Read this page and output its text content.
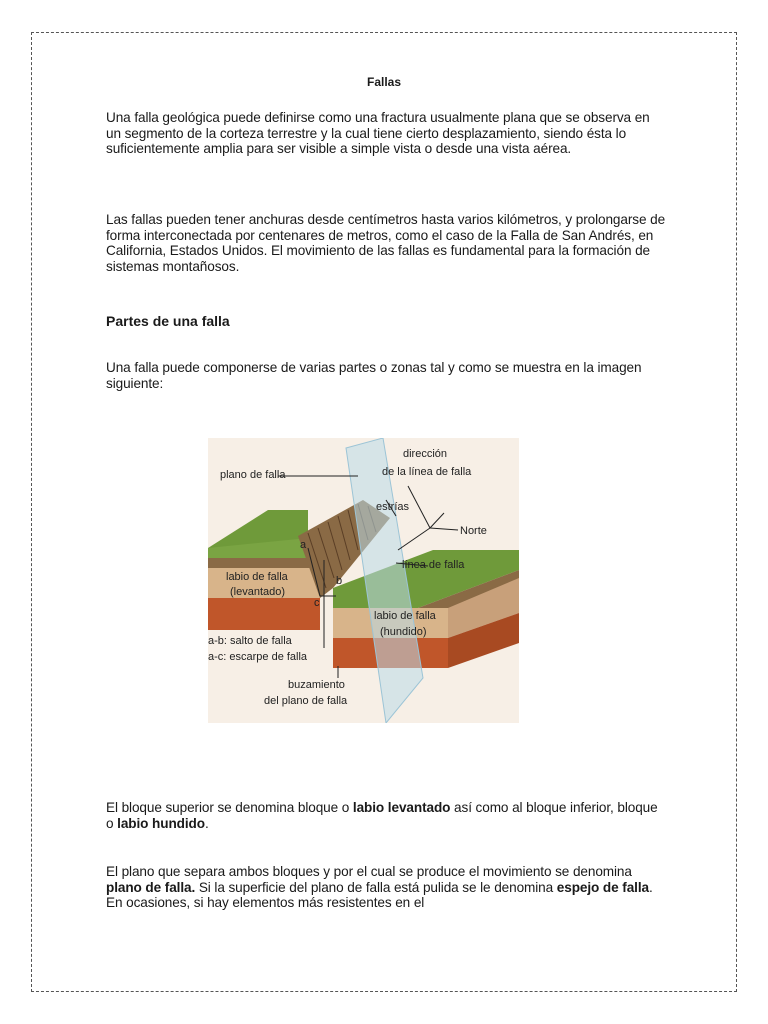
Fallas
Una falla geológica puede definirse como una fractura usualmente plana que se observa en un segmento de la corteza terrestre y la cual tiene cierto desplazamiento, siendo ésta lo suficientemente amplia para ser visible a simple vista o desde una vista aérea.
Las fallas pueden tener anchuras desde centímetros hasta varios kilómetros, y prolongarse de forma interconectada por centenares de metros, como el caso de la Falla de San Andrés, en California, Estados Unidos. El movimiento de las fallas es fundamental para la formación de sistemas montañosos.
Partes de una falla
Una falla puede componerse de varias partes o zonas tal y como se muestra en la imagen siguiente:
plano de falla
dirección
de la línea de falla
estrías
Norte
línea de falla
labio de falla
(levantado)
labio de falla
(hundido)
a-b: salto de falla
a-c: escarpe de falla
buzamiento
del plano de falla
a
b
c
El bloque superior se denomina bloque o labio levantado así como al bloque inferior, bloque o labio hundido.
El plano que separa ambos bloques y por el cual se produce el movimiento se denomina plano de falla. Si la superficie del plano de falla está pulida se le denomina espejo de falla. En ocasiones, si hay elementos más resistentes en el
